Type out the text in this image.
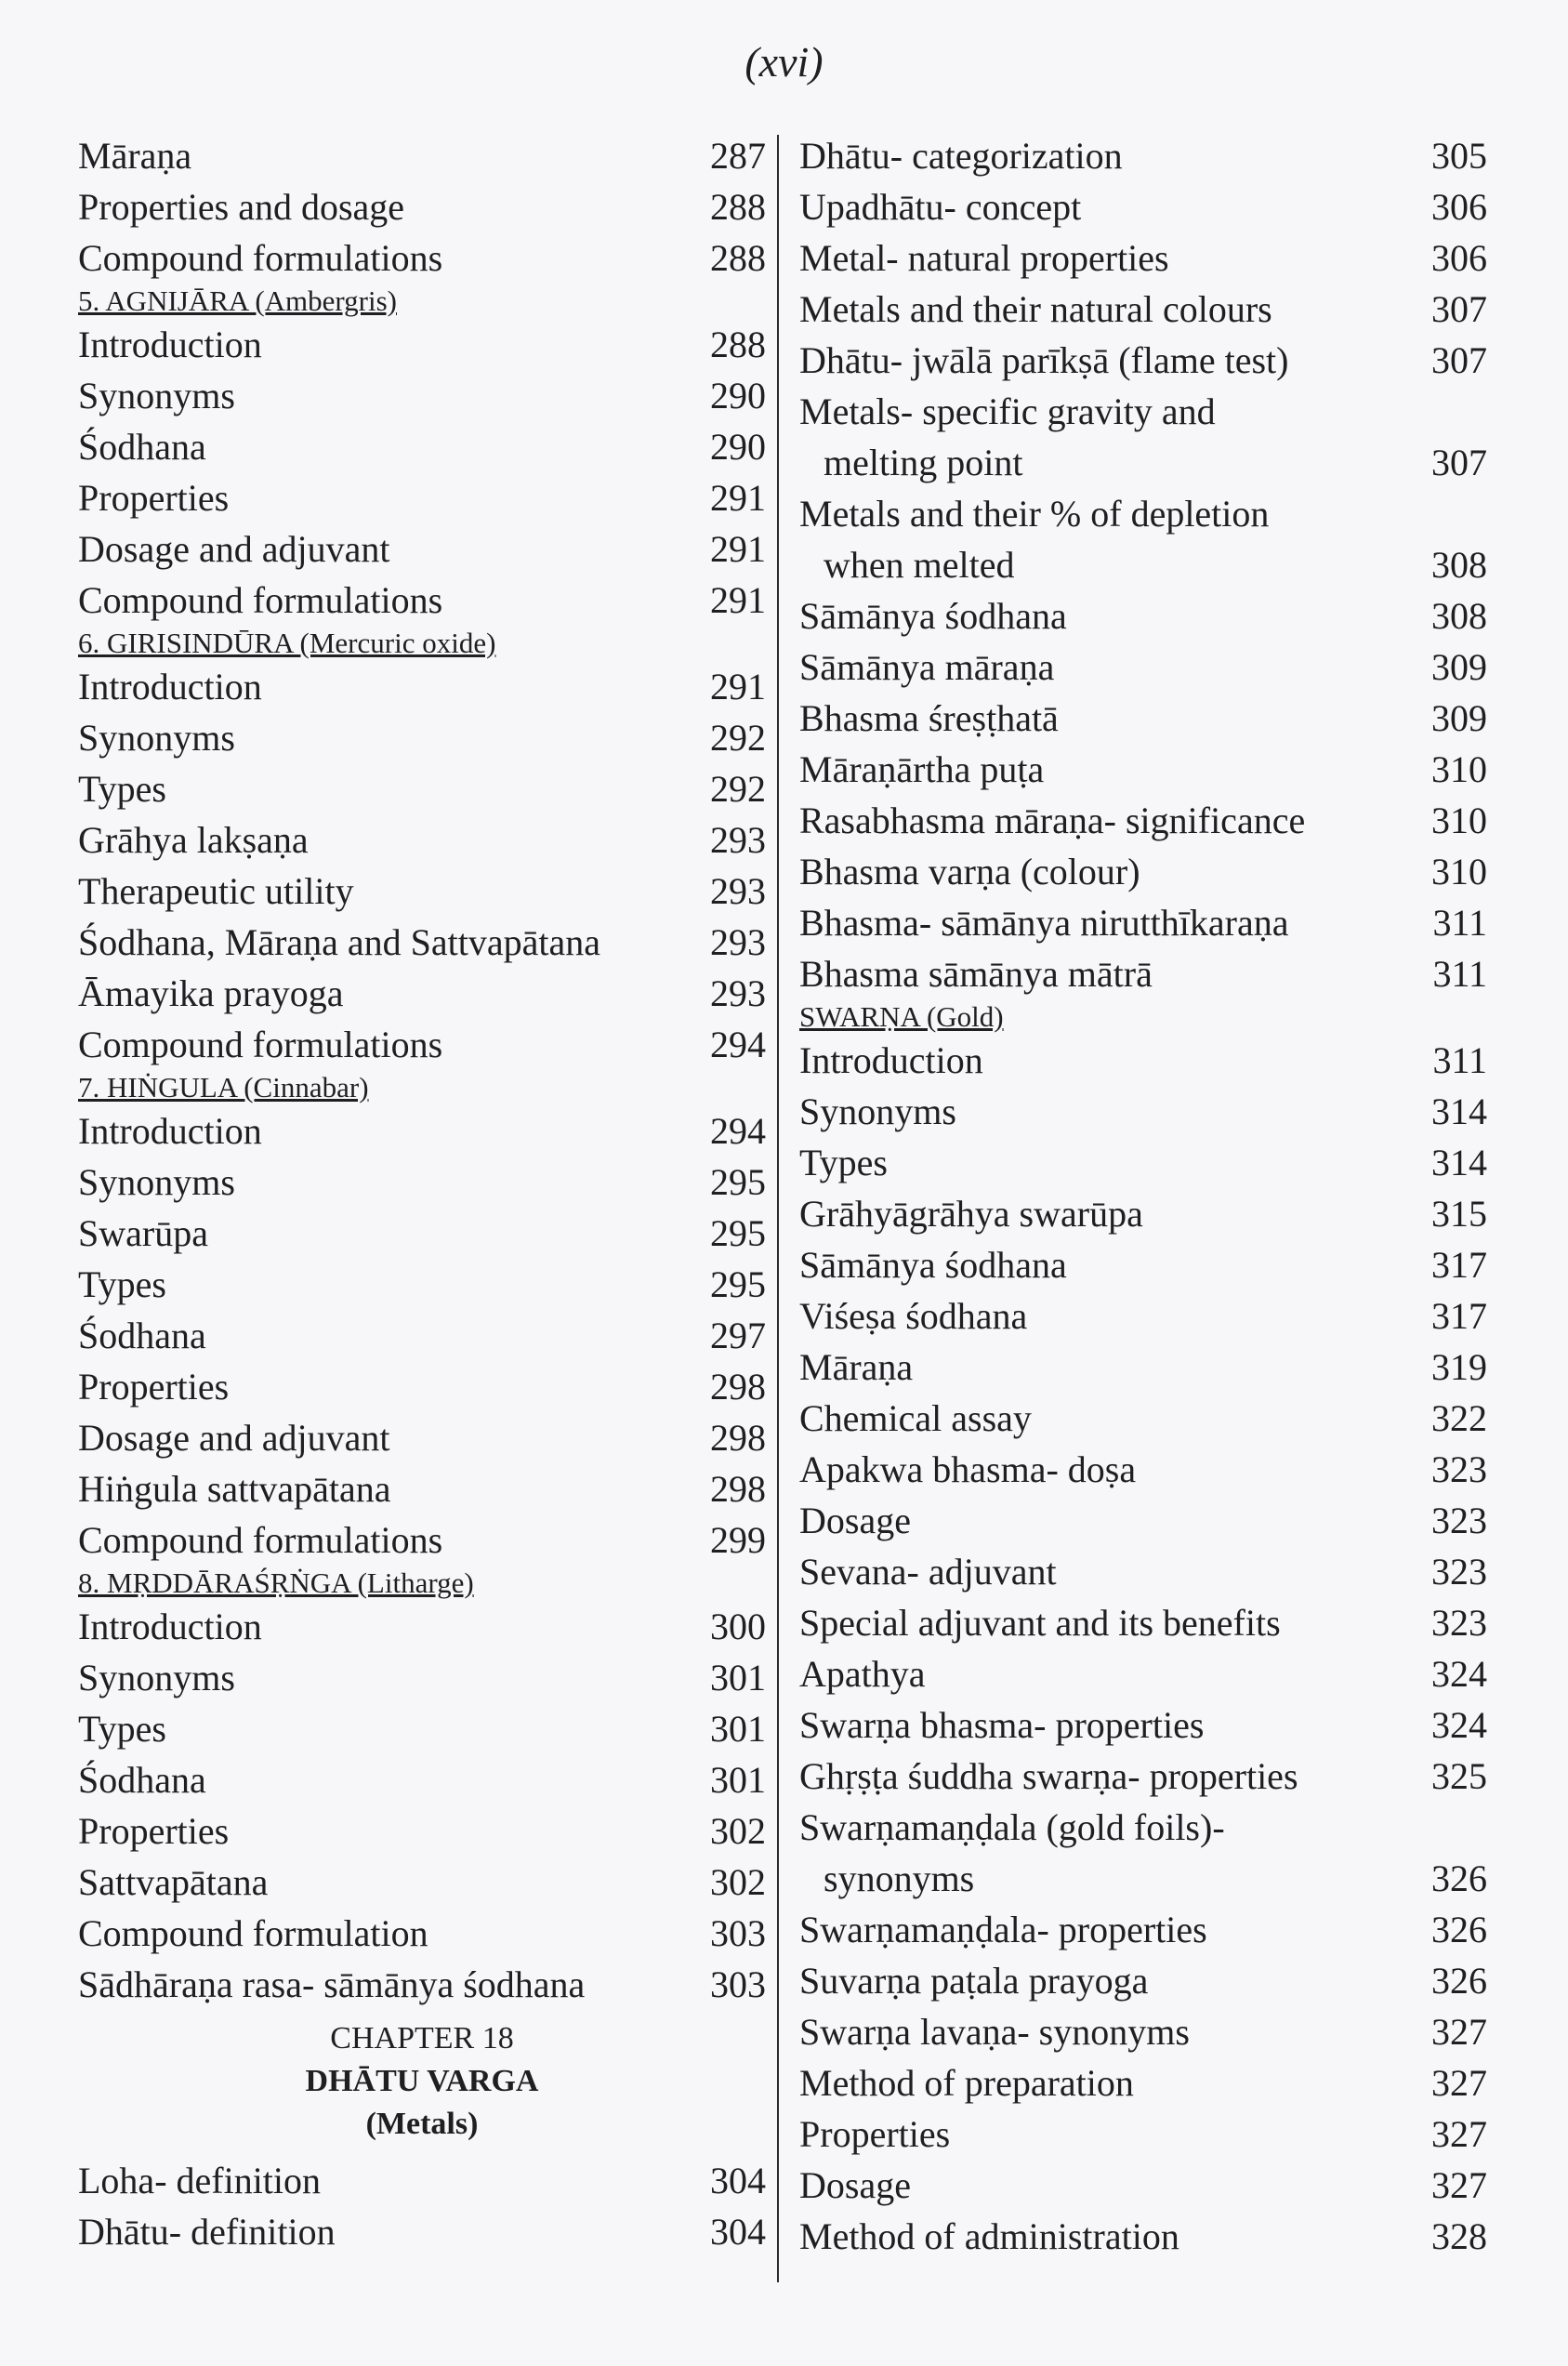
(xvi)
Māraṇa	287
Properties and dosage	288
Compound formulations	288
5. AGNIJĀRA (Ambergris)
Introduction	288
Synonyms	290
Śodhana	290
Properties	291
Dosage and adjuvant	291
Compound formulations	291
6. GIRISINDŪRA (Mercuric oxide)
Introduction	291
Synonyms	292
Types	292
Grāhya lakṣaṇa	293
Therapeutic utility	293
Śodhana, Māraṇa and Sattvapātana	293
Āmayika prayoga	293
Compound formulations	294
7. HIṄGULA (Cinnabar)
Introduction	294
Synonyms	295
Swarūpa	295
Types	295
Śodhana	297
Properties	298
Dosage and adjuvant	298
Hiṅgula sattvapātana	298
Compound formulations	299
8. MṚDDĀRAŚṚṄGA (Litharge)
Introduction	300
Synonyms	301
Types	301
Śodhana	301
Properties	302
Sattvapātana	302
Compound formulation	303
Sādhāraṇa rasa- sāmānya śodhana	303
CHAPTER 18
DHĀTU VARGA
(Metals)
Loha- definition	304
Dhātu- definition	304
Dhātu- categorization	305
Upadhātu- concept	306
Metal- natural properties	306
Metals and their natural colours	307
Dhātu- jwālā parīkṣā (flame test)	307
Metals- specific gravity and
melting point	307
Metals and their % of depletion
when melted	308
Sāmānya śodhana	308
Sāmānya māraṇa	309
Bhasma śreṣṭhatā	309
Māraṇārtha puṭa	310
Rasabhasma māraṇa- significance	310
Bhasma varṇa (colour)	310
Bhasma- sāmānya nirutthīkaraṇa	311
Bhasma sāmānya mātrā	311
SWARṆA (Gold)
Introduction	311
Synonyms	314
Types	314
Grāhyāgrāhya swarūpa	315
Sāmānya śodhana	317
Viśeṣa śodhana	317
Māraṇa	319
Chemical assay	322
Apakwa bhasma- doṣa	323
Dosage	323
Sevana- adjuvant	323
Special adjuvant and its benefits	323
Apathya	324
Swarṇa bhasma- properties	324
Ghṛṣṭa śuddha swarṇa- properties	325
Swarṇamaṇḍala (gold foils)-
synonyms	326
Swarṇamaṇḍala- properties	326
Suvarṇa paṭala prayoga	326
Swarṇa lavaṇa- synonyms	327
Method of preparation	327
Properties	327
Dosage	327
Method of administration	328
